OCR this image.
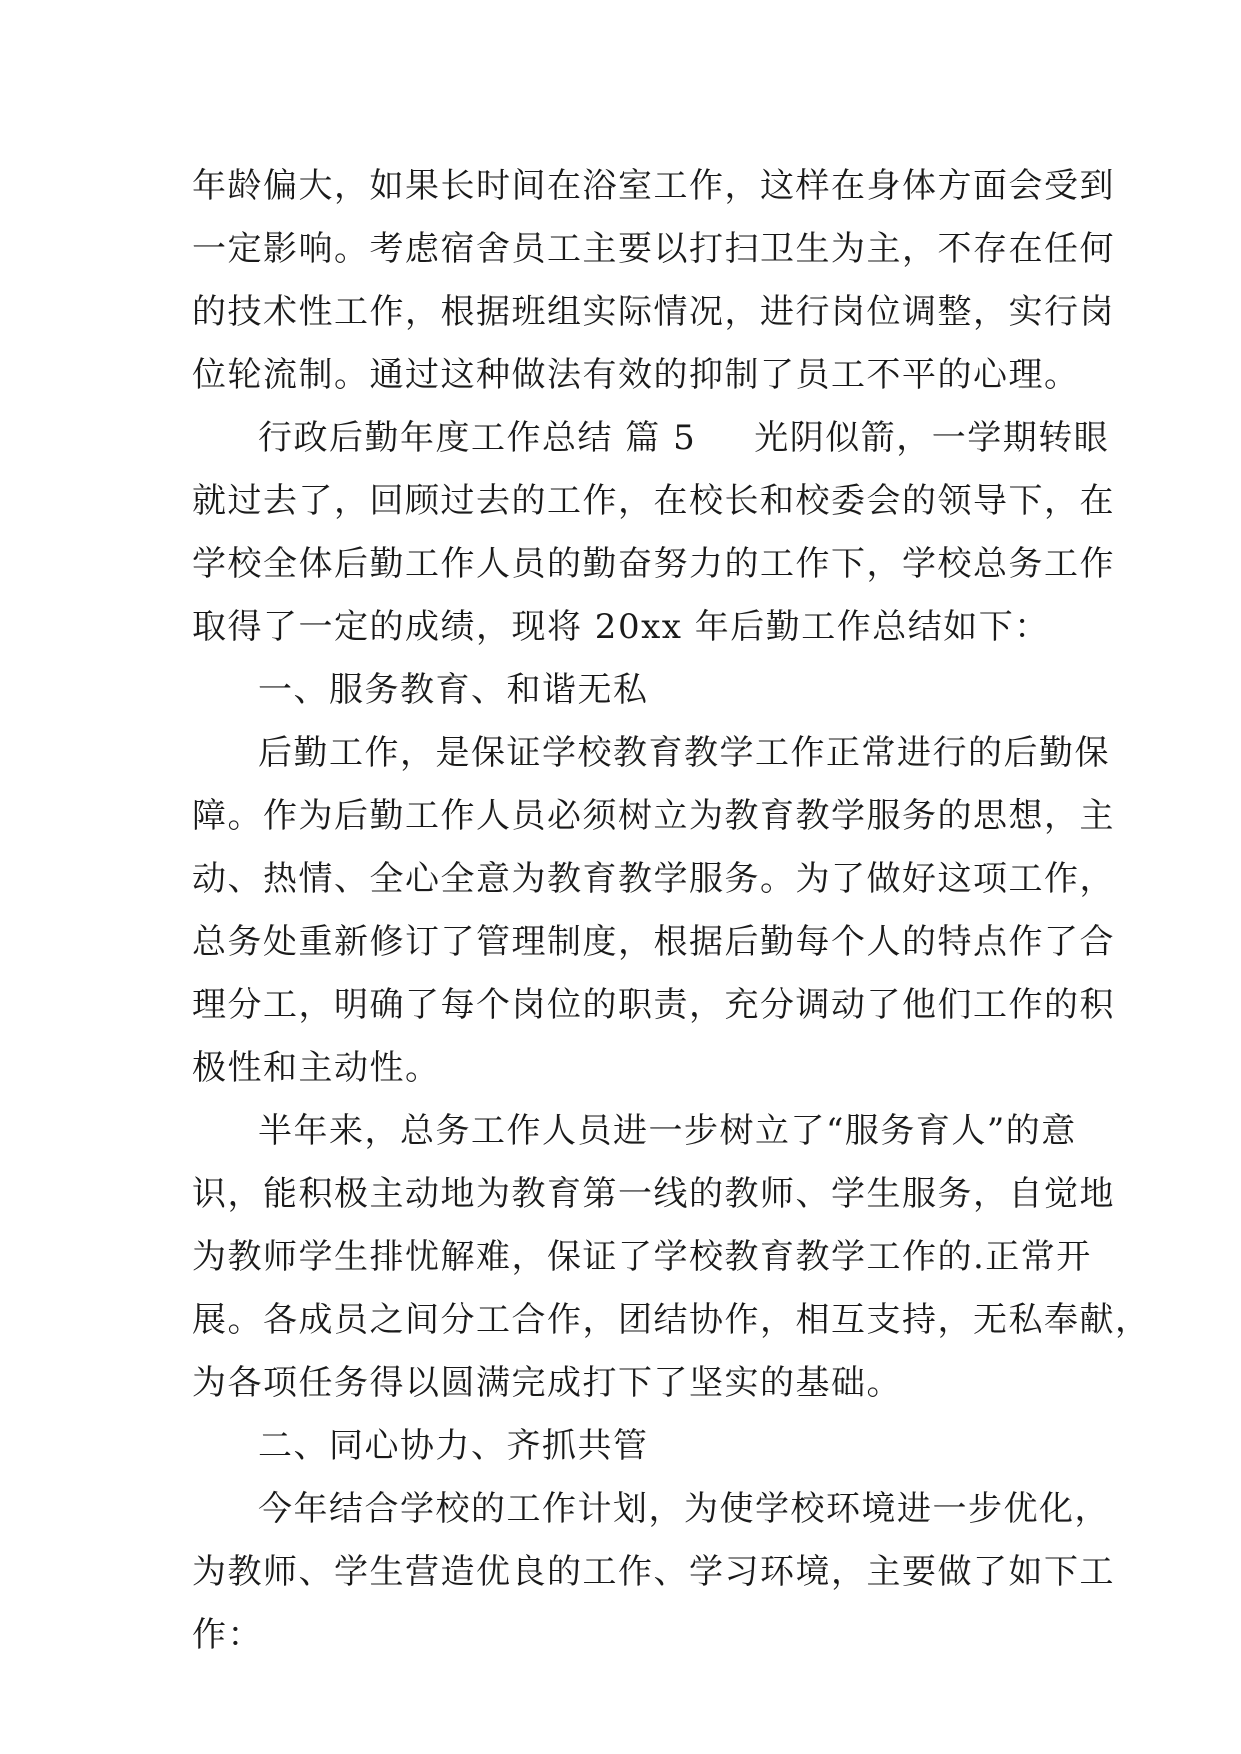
年龄偏大，如果长时间在浴室工作，这样在身体方面会受到
一定影响。考虑宿舍员工主要以打扫卫生为主，不存在任何
的技术性工作，根据班组实际情况，进行岗位调整，实行岗
位轮流制。通过这种做法有效的抑制了员工不平的心理。
行政后勤年度工作总结 篇 5 光阴似箭，一学期转眼
就过去了，回顾过去的工作，在校长和校委会的领导下，在
学校全体后勤工作人员的勤奋努力的工作下，学校总务工作
取得了一定的成绩，现将 20xx 年后勤工作总结如下：
一、服务教育、和谐无私
后勤工作，是保证学校教育教学工作正常进行的后勤保
障。作为后勤工作人员必须树立为教育教学服务的思想，主
动、热情、全心全意为教育教学服务。为了做好这项工作，
总务处重新修订了管理制度，根据后勤每个人的特点作了合
理分工，明确了每个岗位的职责，充分调动了他们工作的积
极性和主动性。
半年来，总务工作人员进一步树立了“服务育人”的意
识，能积极主动地为教育第一线的教师、学生服务，自觉地
为教师学生排忧解难，保证了学校教育教学工作的.正常开
展。各成员之间分工合作，团结协作，相互支持，无私奉献，
为各项任务得以圆满完成打下了坚实的基础。
二、同心协力、齐抓共管
今年结合学校的工作计划，为使学校环境进一步优化，
为教师、学生营造优良的工作、学习环境，主要做了如下工
作：
